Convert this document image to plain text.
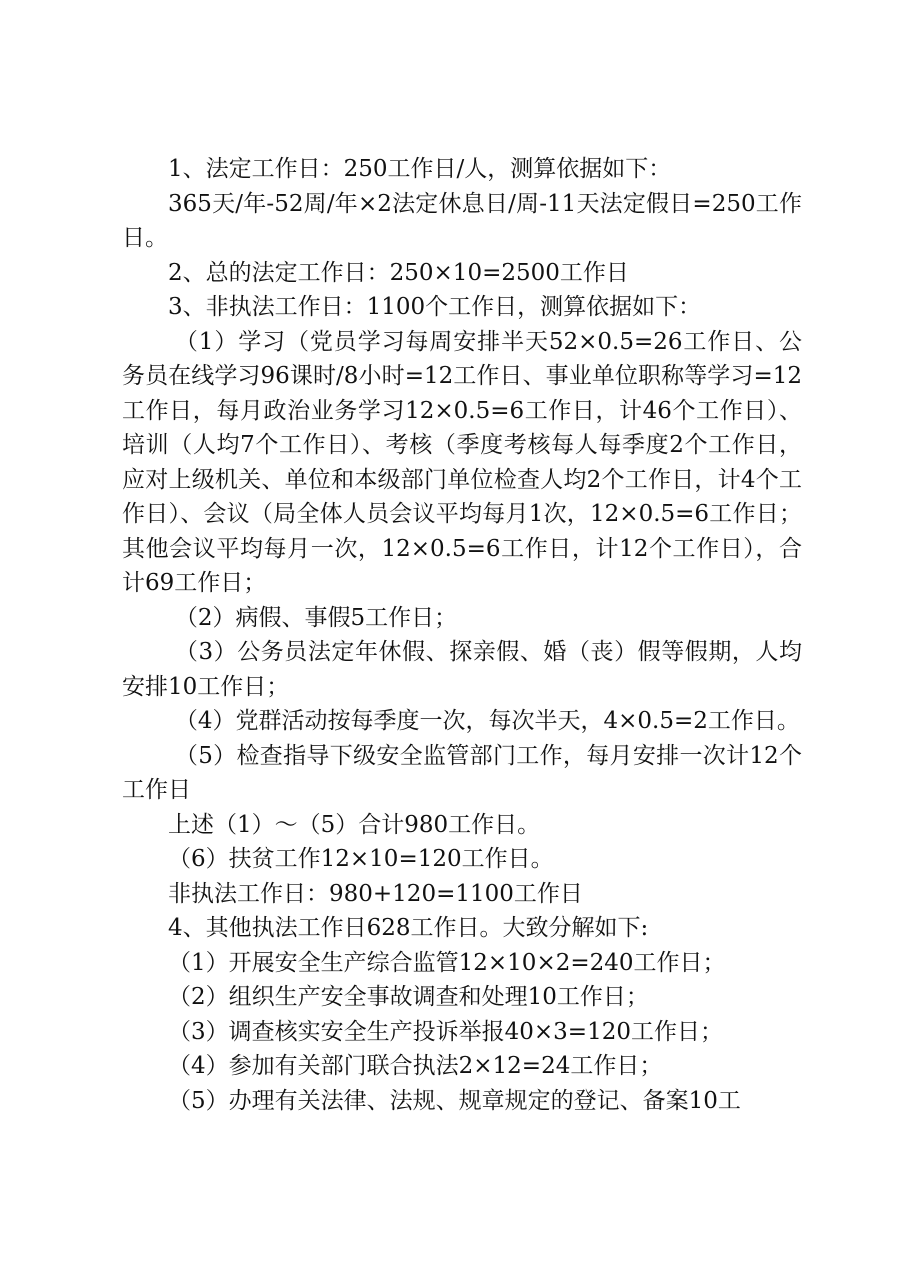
1、法定工作日：250工作日/人，测算依据如下：

365天/年-52周/年×2法定休息日/周-11天法定假日=250工作日。

2、总的法定工作日：250×10=2500工作日

3、非执法工作日：1100个工作日，测算依据如下：

（1）学习（党员学习每周安排半天52×0.5=26工作日、公务员在线学习96课时/8小时=12工作日、事业单位职称等学习=12工作日，每月政治业务学习12×0.5=6工作日，计46个工作日）、培训（人均7个工作日）、考核（季度考核每人每季度2个工作日，应对上级机关、单位和本级部门单位检查人均2个工作日，计4个工作日）、会议（局全体人员会议平均每月1次，12×0.5=6工作日；其他会议平均每月一次，12×0.5=6工作日，计12个工作日），合计69工作日；

（2）病假、事假5工作日；

（3）公务员法定年休假、探亲假、婚（丧）假等假期，人均安排10工作日；

（4）党群活动按每季度一次，每次半天，4×0.5=2工作日。

（5）检查指导下级安全监管部门工作，每月安排一次计12个工作日

上述（1）～（5）合计980工作日。

（6）扶贫工作12×10=120工作日。

非执法工作日：980+120=1100工作日

4、其他执法工作日628工作日。大致分解如下:

（1）开展安全生产综合监管12×10×2=240工作日；

（2）组织生产安全事故调查和处理10工作日；

（3）调查核实安全生产投诉举报40×3=120工作日；

（4）参加有关部门联合执法2×12=24工作日；

（5）办理有关法律、法规、规章规定的登记、备案10工
